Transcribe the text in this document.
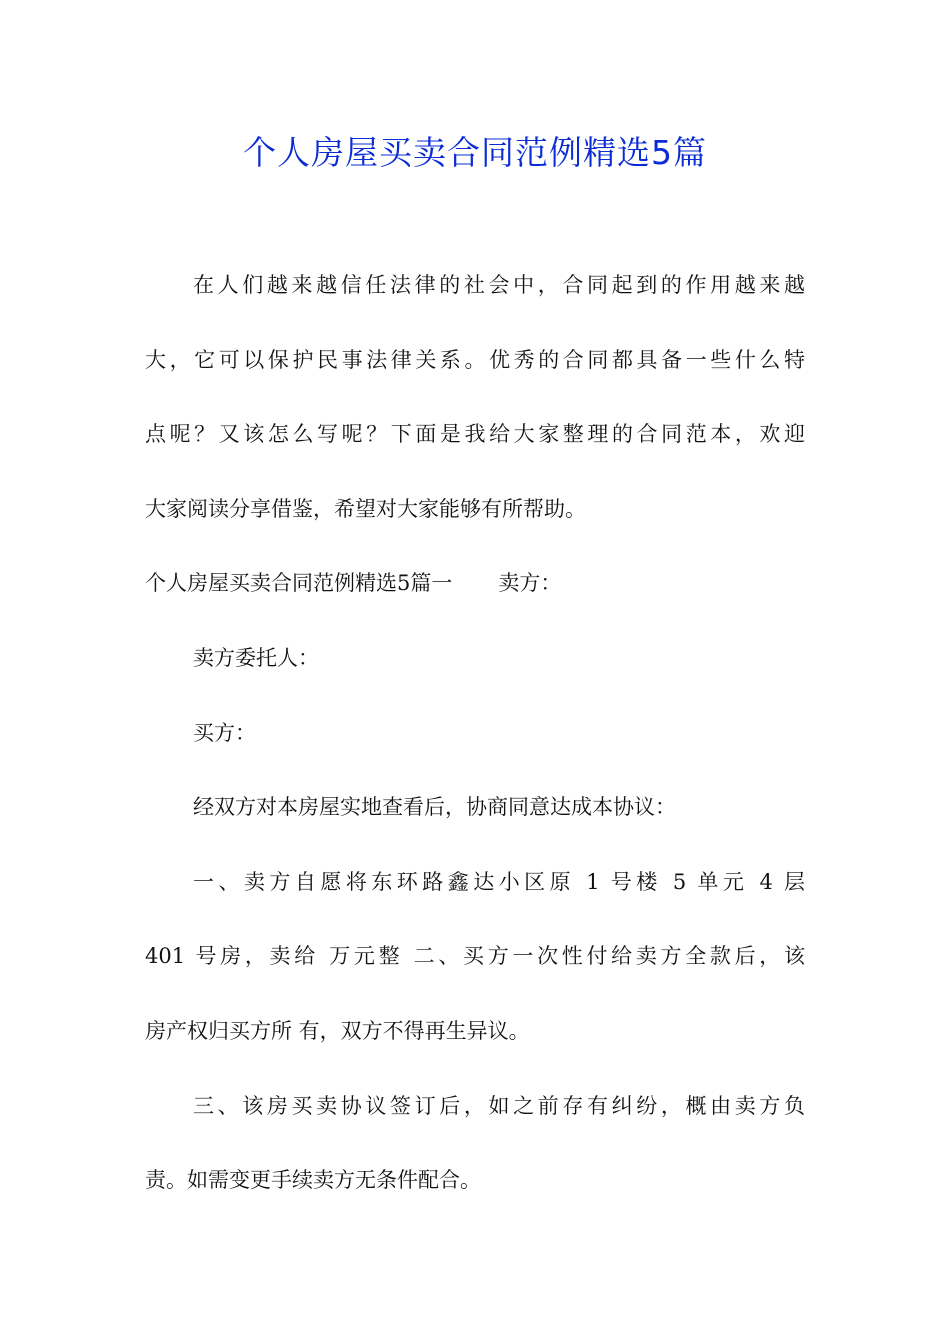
个人房屋买卖合同范例精选5篇
在人们越来越信任法律的社会中，合同起到的作用越来越
大，它可以保护民事法律关系。优秀的合同都具备一些什么特
点呢？又该怎么写呢？下面是我给大家整理的合同范本，欢迎
大家阅读分享借鉴，希望对大家能够有所帮助。
个人房屋买卖合同范例精选5篇一 卖方：
卖方委托人：
买方：
经双方对本房屋实地查看后，协商同意达成本协议：
一、卖方自愿将东环路鑫达小区原 1 号楼 5 单元 4 层
401 号房，卖给 万元整 二、买方一次性付给卖方全款后，该
房产权归买方所 有，双方不得再生异议。
三、该房买卖协议签订后，如之前存有纠纷，概由卖方负
责。如需变更手续卖方无条件配合。
